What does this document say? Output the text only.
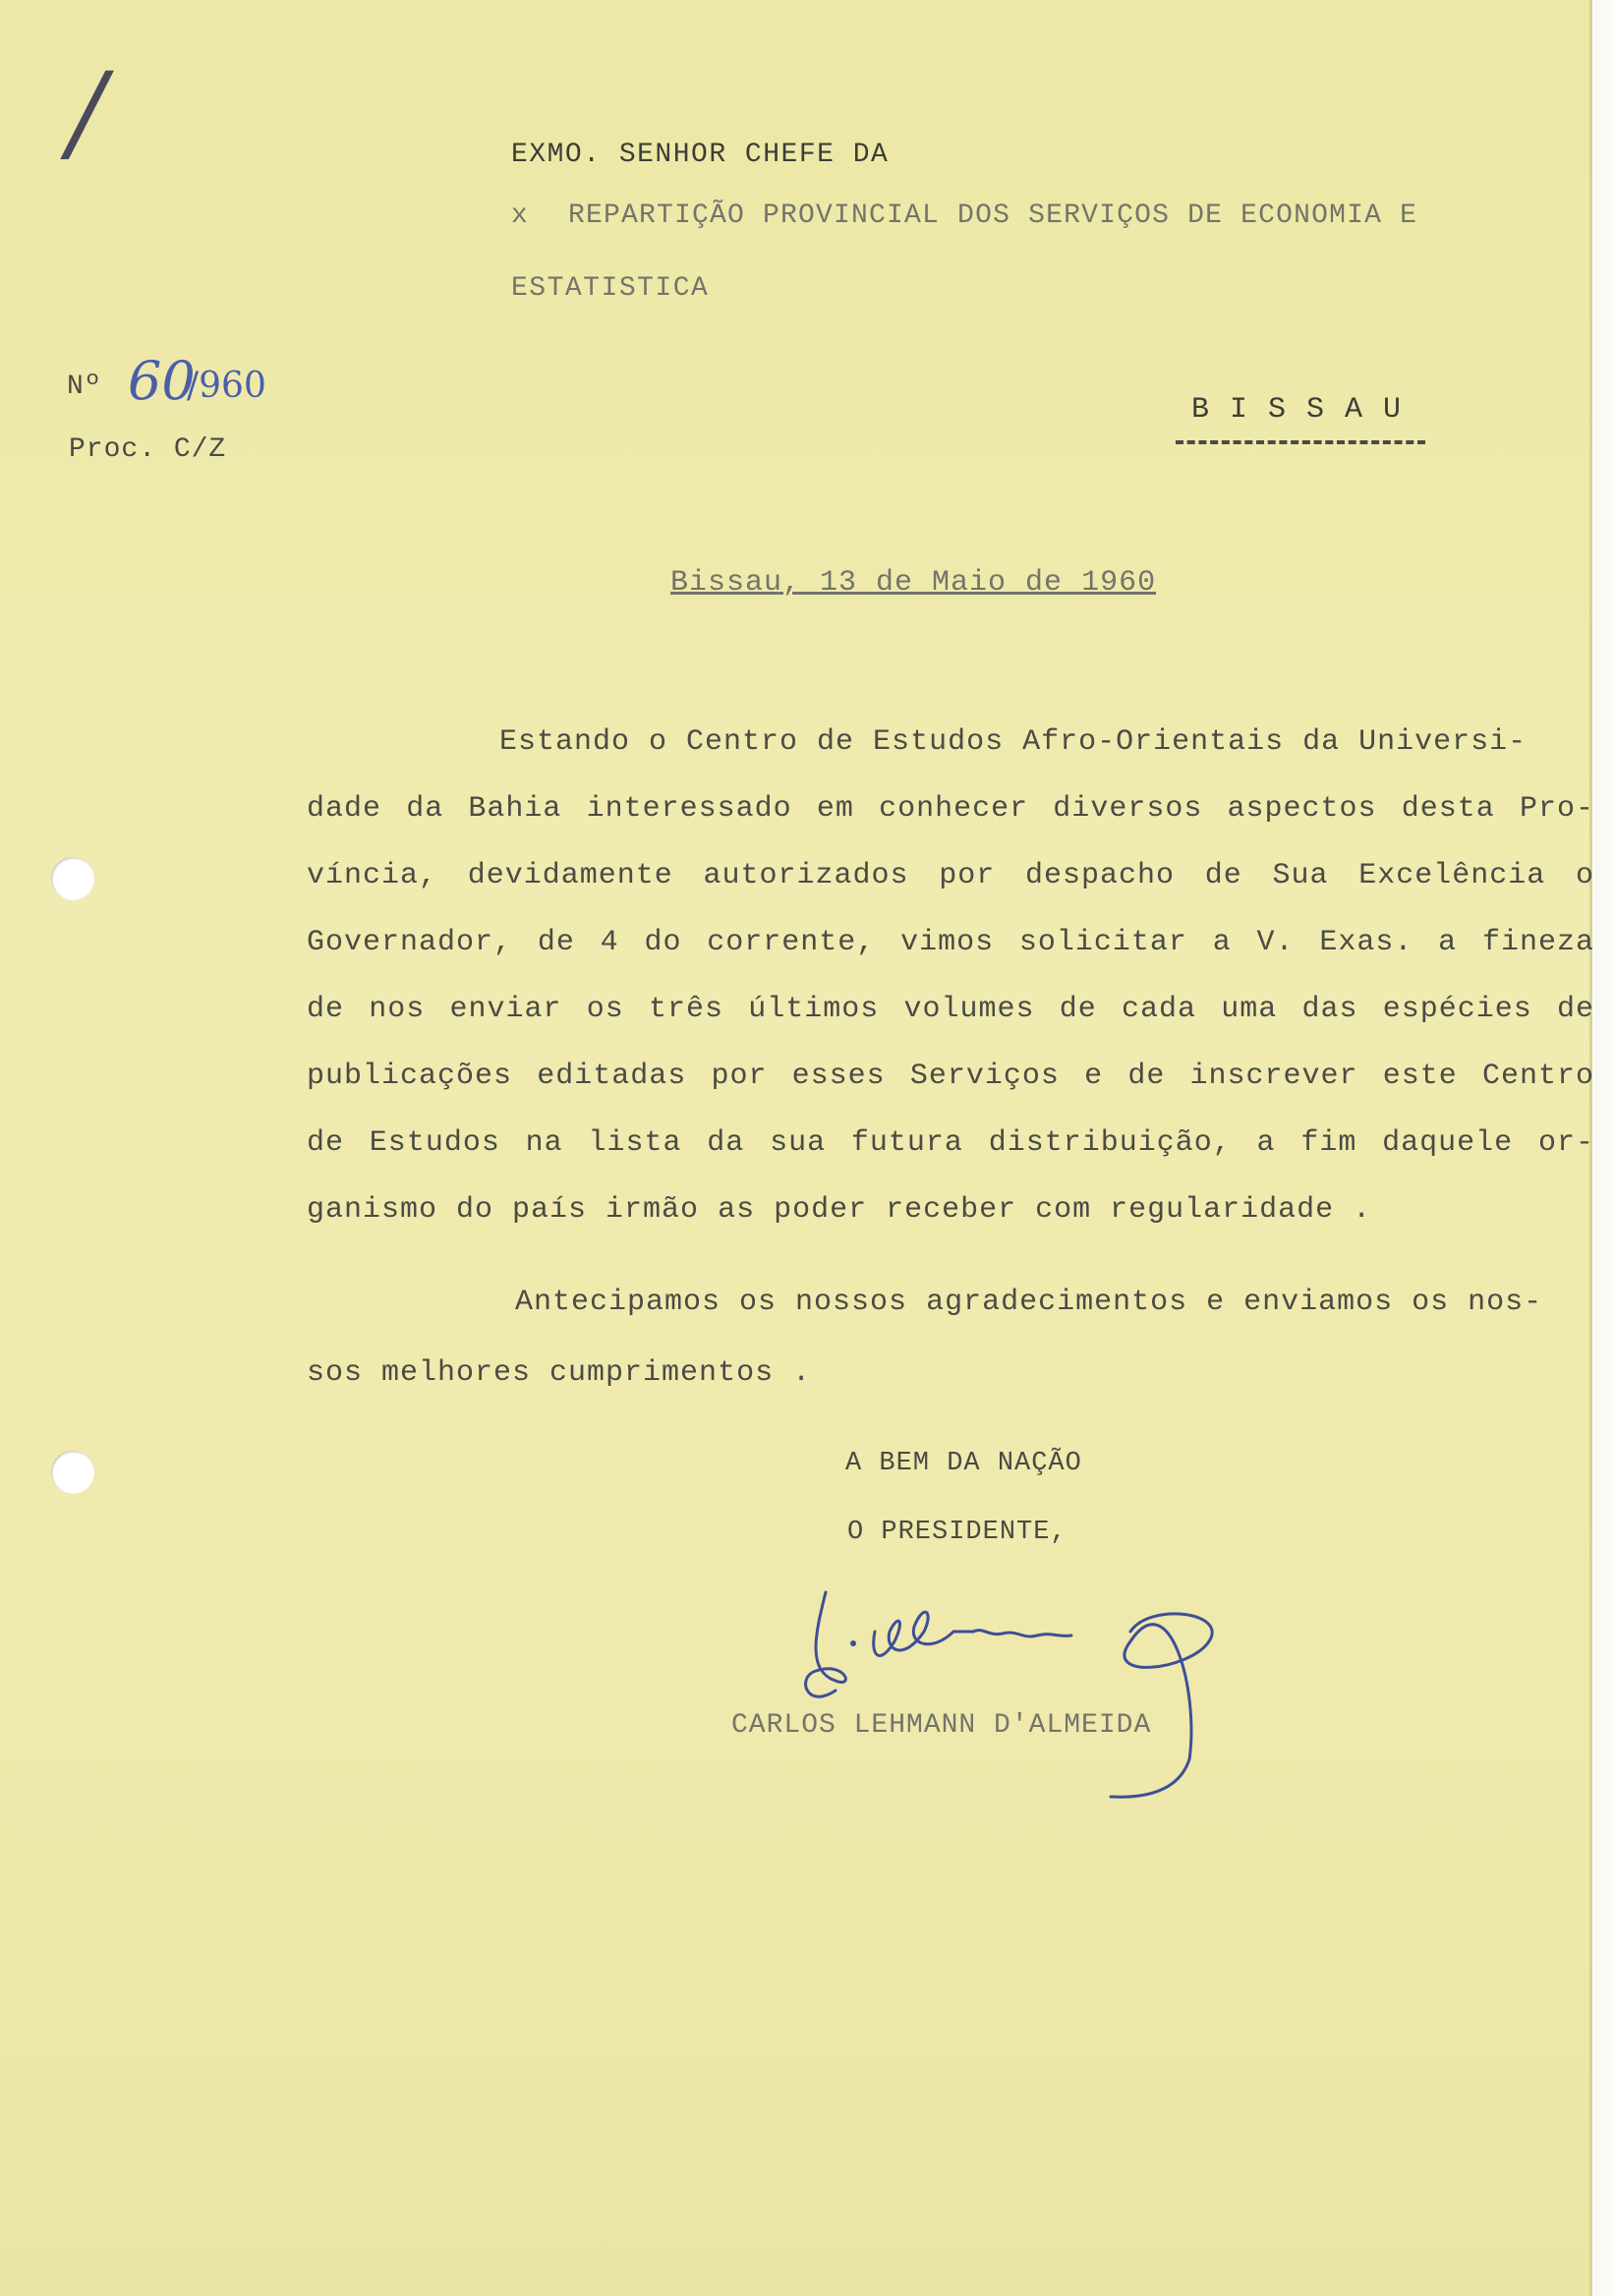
/	EXMO. SENHOR CHEFE DA
x REPARTIÇÃO PROVINCIAL DOS SERVIÇOS DE ECONOMIA E
ESTATISTICA
Nº 60
/960
Proc. C/Z
B I S S A U
Bissau, 13 de Maio de 1960
Estando o Centro de Estudos Afro-Orientais da Universi-
dade da Bahia interessado em conhecer diversos aspectos desta Pro-
víncia, devidamente autorizados por despacho de Sua Excelência o
Governador, de 4 do corrente, vimos solicitar a V. Exas. a fineza
de nos enviar os três últimos volumes de cada uma das espécies de
publicações editadas por esses Serviços e de inscrever este Centro
de Estudos na lista da sua futura distribuição, a fim daquele or-
ganismo do país irmão as poder receber com regularidade .
Antecipamos os nossos agradecimentos e enviamos os nos-
sos melhores cumprimentos .
A BEM DA NAÇÃO
O PRESIDENTE,
CARLOS LEHMANN D'ALMEIDA
